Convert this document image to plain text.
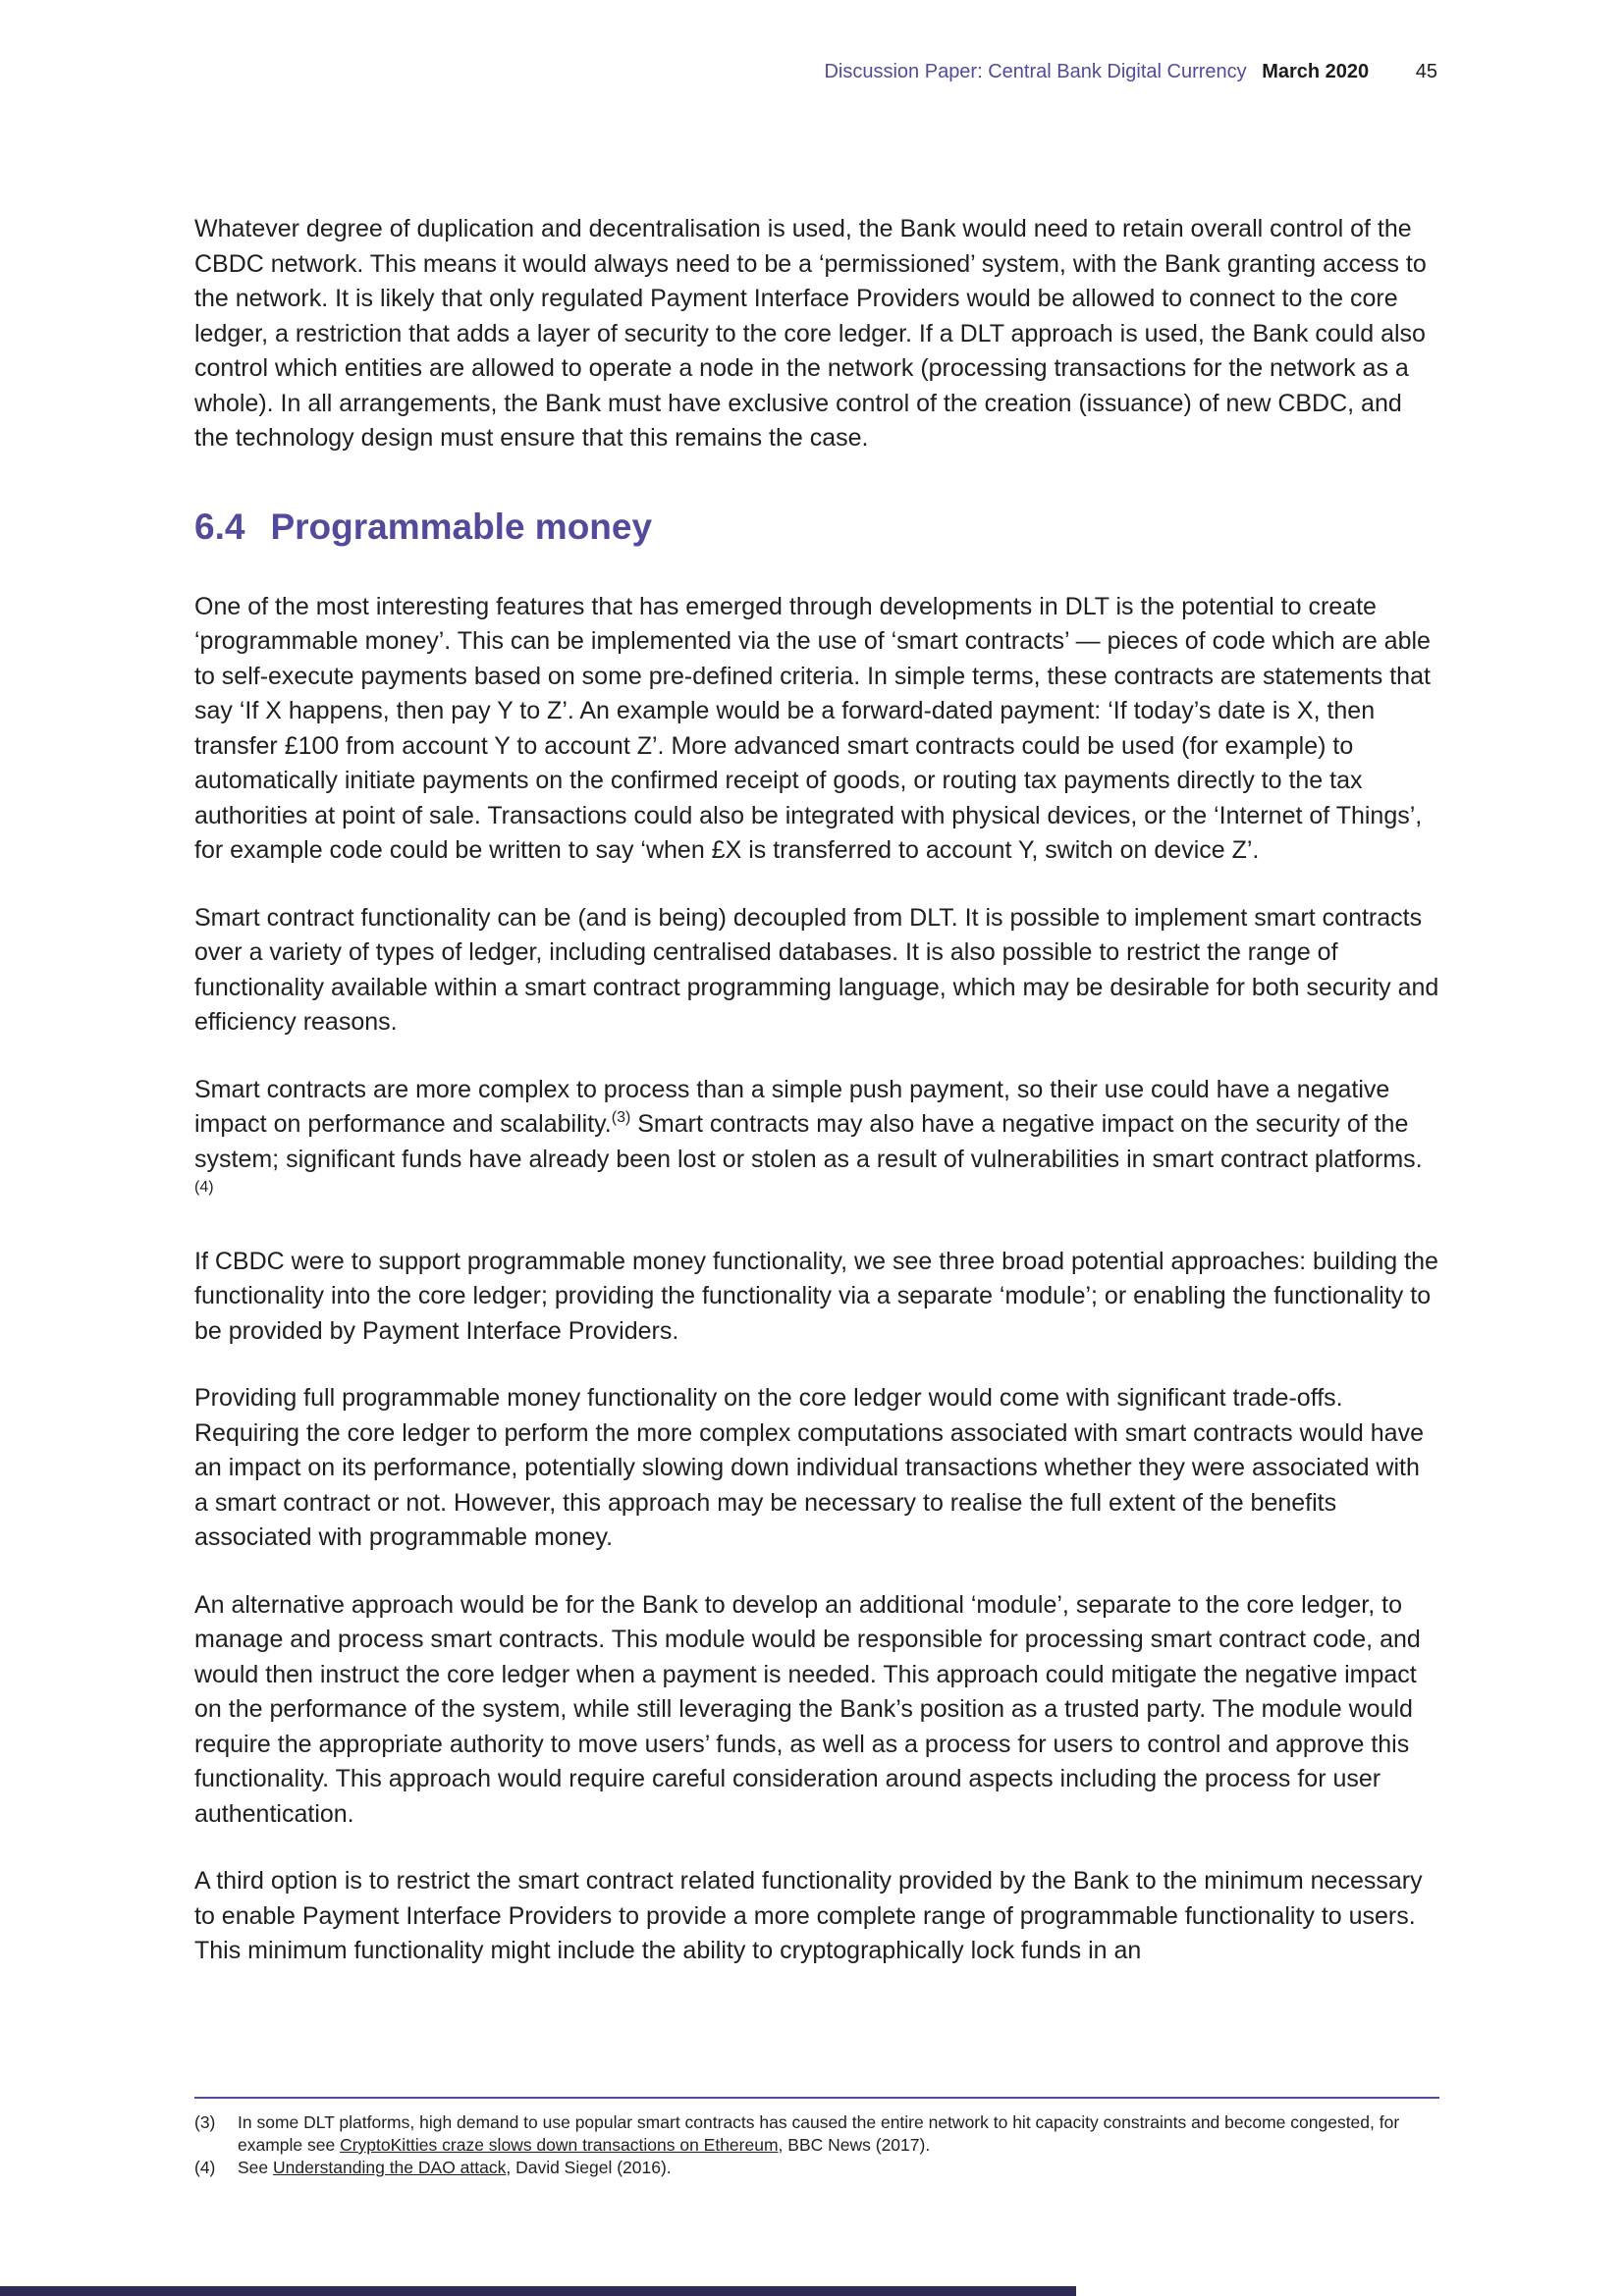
Discussion Paper: Central Bank Digital Currency March 2020 45

Whatever degree of duplication and decentralisation is used, the Bank would need to retain overall control of the CBDC network. This means it would always need to be a ‘permissioned’ system, with the Bank granting access to the network. It is likely that only regulated Payment Interface Providers would be allowed to connect to the core ledger, a restriction that adds a layer of security to the core ledger. If a DLT approach is used, the Bank could also control which entities are allowed to operate a node in the network (processing transactions for the network as a whole). In all arrangements, the Bank must have exclusive control of the creation (issuance) of new CBDC, and the technology design must ensure that this remains the case.

6.4 Programmable money

One of the most interesting features that has emerged through developments in DLT is the potential to create ‘programmable money’. This can be implemented via the use of ‘smart contracts’ — pieces of code which are able to self-execute payments based on some pre-defined criteria. In simple terms, these contracts are statements that say ‘If X happens, then pay Y to Z’. An example would be a forward-dated payment: ‘If today’s date is X, then transfer £100 from account Y to account Z’. More advanced smart contracts could be used (for example) to automatically initiate payments on the confirmed receipt of goods, or routing tax payments directly to the tax authorities at point of sale. Transactions could also be integrated with physical devices, or the ‘Internet of Things’, for example code could be written to say ‘when £X is transferred to account Y, switch on device Z’.

Smart contract functionality can be (and is being) decoupled from DLT. It is possible to implement smart contracts over a variety of types of ledger, including centralised databases. It is also possible to restrict the range of functionality available within a smart contract programming language, which may be desirable for both security and efficiency reasons.

Smart contracts are more complex to process than a simple push payment, so their use could have a negative impact on performance and scalability.$^{(3)}$ Smart contracts may also have a negative impact on the security of the system; significant funds have already been lost or stolen as a result of vulnerabilities in smart contract platforms.$^{(4)}$

If CBDC were to support programmable money functionality, we see three broad potential approaches: building the functionality into the core ledger; providing the functionality via a separate ‘module’; or enabling the functionality to be provided by Payment Interface Providers.

Providing full programmable money functionality on the core ledger would come with significant trade-offs. Requiring the core ledger to perform the more complex computations associated with smart contracts would have an impact on its performance, potentially slowing down individual transactions whether they were associated with a smart contract or not. However, this approach may be necessary to realise the full extent of the benefits associated with programmable money.

An alternative approach would be for the Bank to develop an additional ‘module’, separate to the core ledger, to manage and process smart contracts. This module would be responsible for processing smart contract code, and would then instruct the core ledger when a payment is needed. This approach could mitigate the negative impact on the performance of the system, while still leveraging the Bank’s position as a trusted party. The module would require the appropriate authority to move users’ funds, as well as a process for users to control and approve this functionality. This approach would require careful consideration around aspects including the process for user authentication.

A third option is to restrict the smart contract related functionality provided by the Bank to the minimum necessary to enable Payment Interface Providers to provide a more complete range of programmable functionality to users. This minimum functionality might include the ability to cryptographically lock funds in an

(3)	In some DLT platforms, high demand to use popular smart contracts has caused the entire network to hit capacity constraints and become congested, for example see CryptoKitties craze slows down transactions on Ethereum, BBC News (2017).
(4)	See Understanding the DAO attack, David Siegel (2016).
